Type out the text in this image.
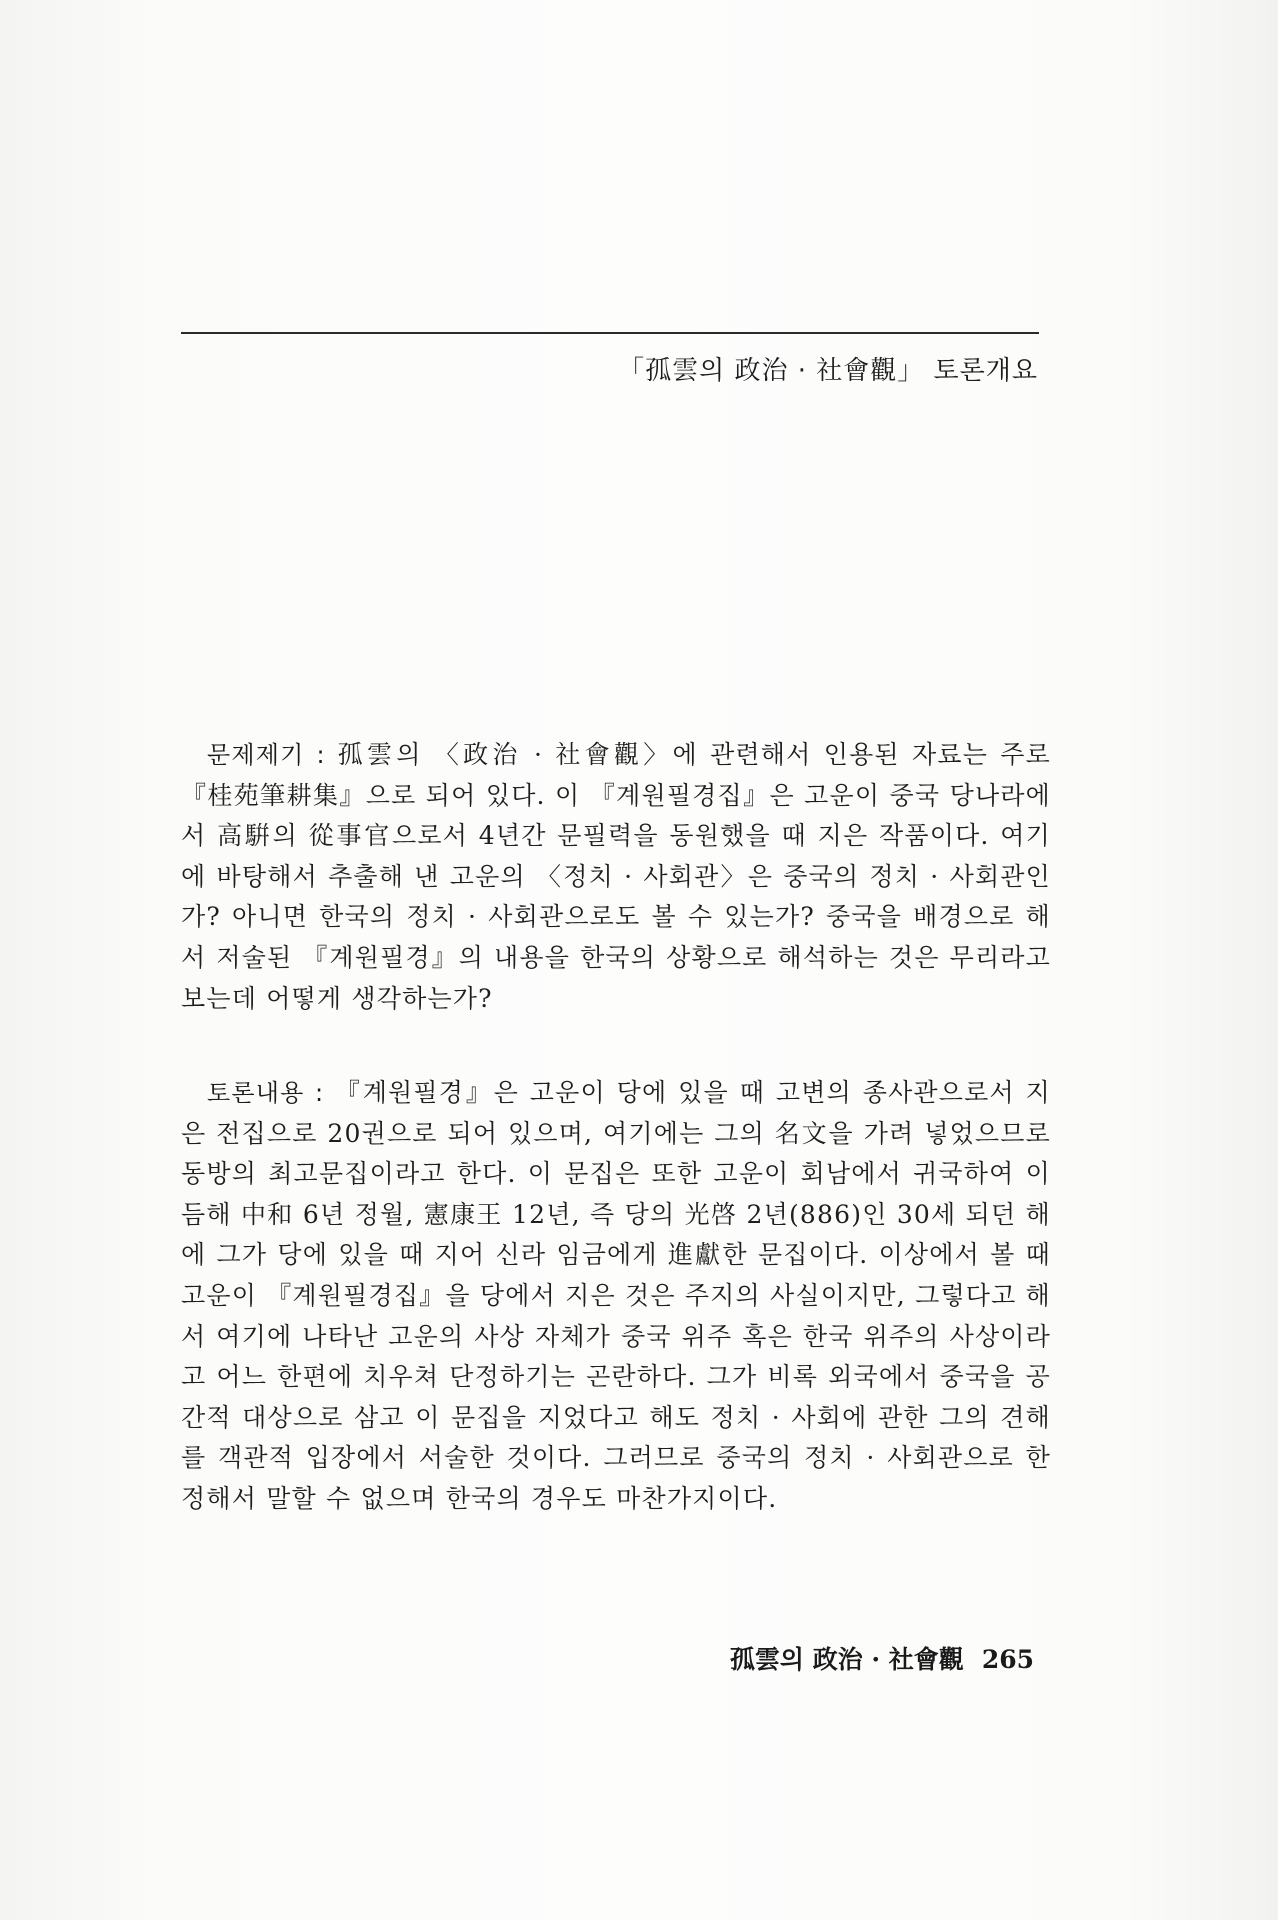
「孤雲의 政治 · 社會觀」 토론개요

문제제기 : 孤雲의 〈政治 · 社會觀〉에 관련해서 인용된 자료는 주로 『桂苑筆耕集』으로 되어 있다. 이 『계원필경집』은 고운이 중국 당나라에서 高騈의 從事官으로서 4년간 문필력을 동원했을 때 지은 작품이다. 여기에 바탕해서 추출해 낸 고운의 〈정치 · 사회관〉은 중국의 정치 · 사회관인가? 아니면 한국의 정치 · 사회관으로도 볼 수 있는가? 중국을 배경으로 해서 저술된 『계원필경』의 내용을 한국의 상황으로 해석하는 것은 무리라고 보는데 어떻게 생각하는가?

토론내용 : 『계원필경』은 고운이 당에 있을 때 고변의 종사관으로서 지은 전집으로 20권으로 되어 있으며, 여기에는 그의 名文을 가려 넣었으므로 동방의 최고문집이라고 한다. 이 문집은 또한 고운이 회남에서 귀국하여 이듬해 中和 6년 정월, 憲康王 12년, 즉 당의 光啓 2년(886)인 30세 되던 해에 그가 당에 있을 때 지어 신라 임금에게 進獻한 문집이다. 이상에서 볼 때 고운이 『계원필경집』을 당에서 지은 것은 주지의 사실이지만, 그렇다고 해서 여기에 나타난 고운의 사상 자체가 중국 위주 혹은 한국 위주의 사상이라고 어느 한편에 치우쳐 단정하기는 곤란하다. 그가 비록 외국에서 중국을 공간적 대상으로 삼고 이 문집을 지었다고 해도 정치 · 사회에 관한 그의 견해를 객관적 입장에서 서술한 것이다. 그러므로 중국의 정치 · 사회관으로 한정해서 말할 수 없으며 한국의 경우도 마찬가지이다.

孤雲의 政治 · 社會觀 265
